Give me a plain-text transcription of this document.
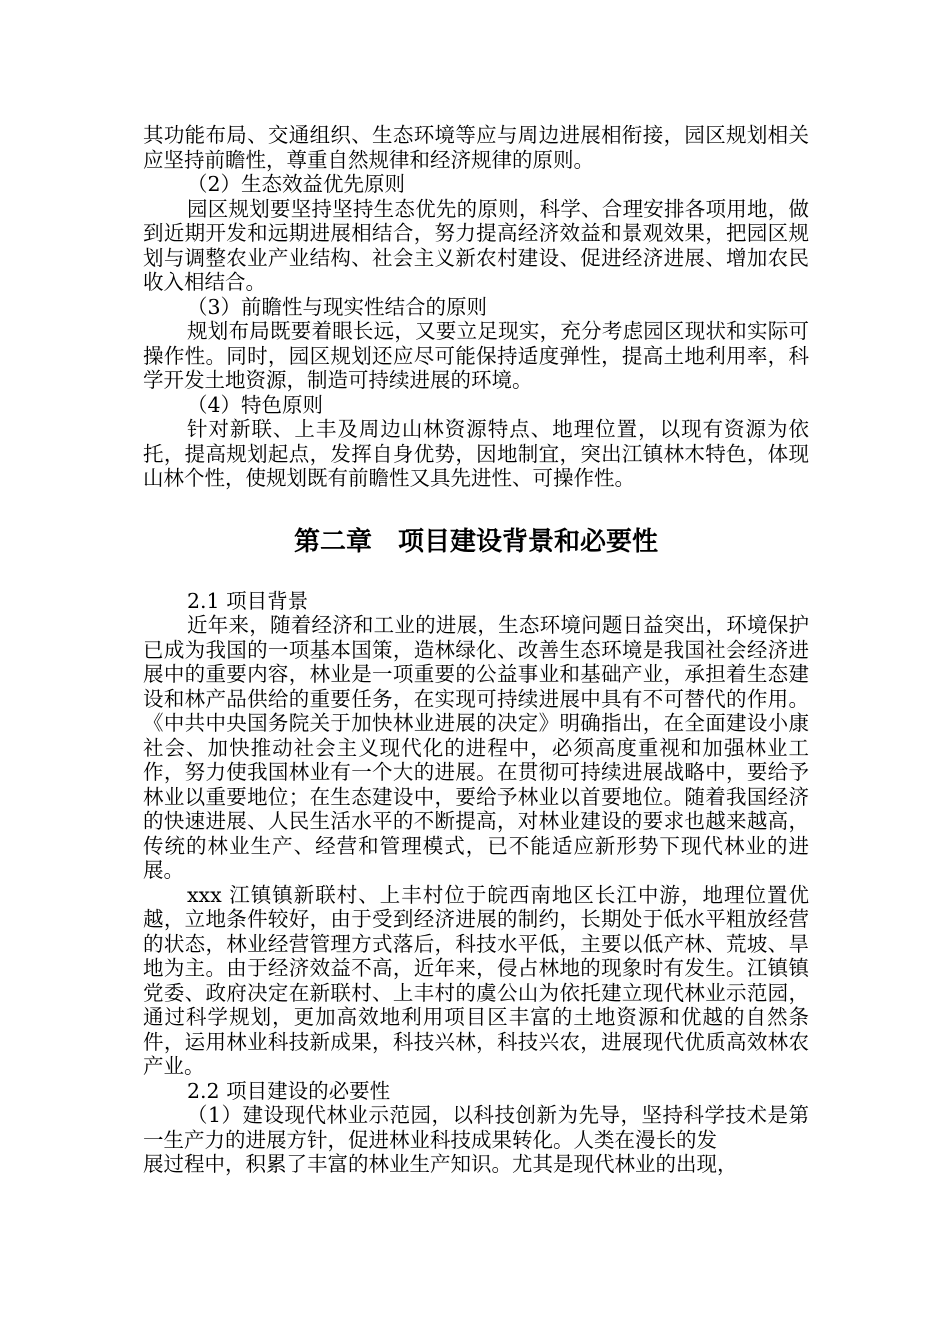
其功能布局、交通组织、生态环境等应与周边进展相衔接，园区规划相关应坚持前瞻性，尊重自然规律和经济规律的原则。

（2）生态效益优先原则

园区规划要坚持坚持生态优先的原则，科学、合理安排各项用地，做到近期开发和远期进展相结合，努力提高经济效益和景观效果，把园区规划与调整农业产业结构、社会主义新农村建设、促进经济进展、增加农民收入相结合。

（3）前瞻性与现实性结合的原则

规划布局既要着眼长远，又要立足现实，充分考虑园区现状和实际可操作性。同时，园区规划还应尽可能保持适度弹性，提高土地利用率，科学开发土地资源，制造可持续进展的环境。

（4）特色原则

针对新联、上丰及周边山林资源特点、地理位置，以现有资源为依托，提高规划起点，发挥自身优势，因地制宜，突出江镇林木特色，体现山林个性，使规划既有前瞻性又具先进性、可操作性。

第二章　项目建设背景和必要性

2.1 项目背景

近年来，随着经济和工业的进展，生态环境问题日益突出，环境保护已成为我国的一项基本国策，造林绿化、改善生态环境是我国社会经济进展中的重要内容，林业是一项重要的公益事业和基础产业，承担着生态建设和林产品供给的重要任务，在实现可持续进展中具有不可替代的作用。《中共中央国务院关于加快林业进展的决定》明确指出，在全面建设小康社会、加快推动社会主义现代化的进程中，必须高度重视和加强林业工作，努力使我国林业有一个大的进展。在贯彻可持续进展战略中，要给予林业以重要地位；在生态建设中，要给予林业以首要地位。随着我国经济的快速进展、人民生活水平的不断提高，对林业建设的要求也越来越高，传统的林业生产、经营和管理模式，已不能适应新形势下现代林业的进展。

xxx 江镇镇新联村、上丰村位于皖西南地区长江中游，地理位置优越，立地条件较好，由于受到经济进展的制约，长期处于低水平粗放经营的状态，林业经营管理方式落后，科技水平低，主要以低产林、荒坡、旱地为主。由于经济效益不高，近年来，侵占林地的现象时有发生。江镇镇党委、政府决定在新联村、上丰村的虞公山为依托建立现代林业示范园，通过科学规划，更加高效地利用项目区丰富的土地资源和优越的自然条件，运用林业科技新成果，科技兴林，科技兴农，进展现代优质高效林农产业。

2.2 项目建设的必要性

（1）建设现代林业示范园，以科技创新为先导，坚持科学技术是第一生产力的进展方针，促进林业科技成果转化。人类在漫长的发

展过程中，积累了丰富的林业生产知识。尤其是现代林业的出现，
